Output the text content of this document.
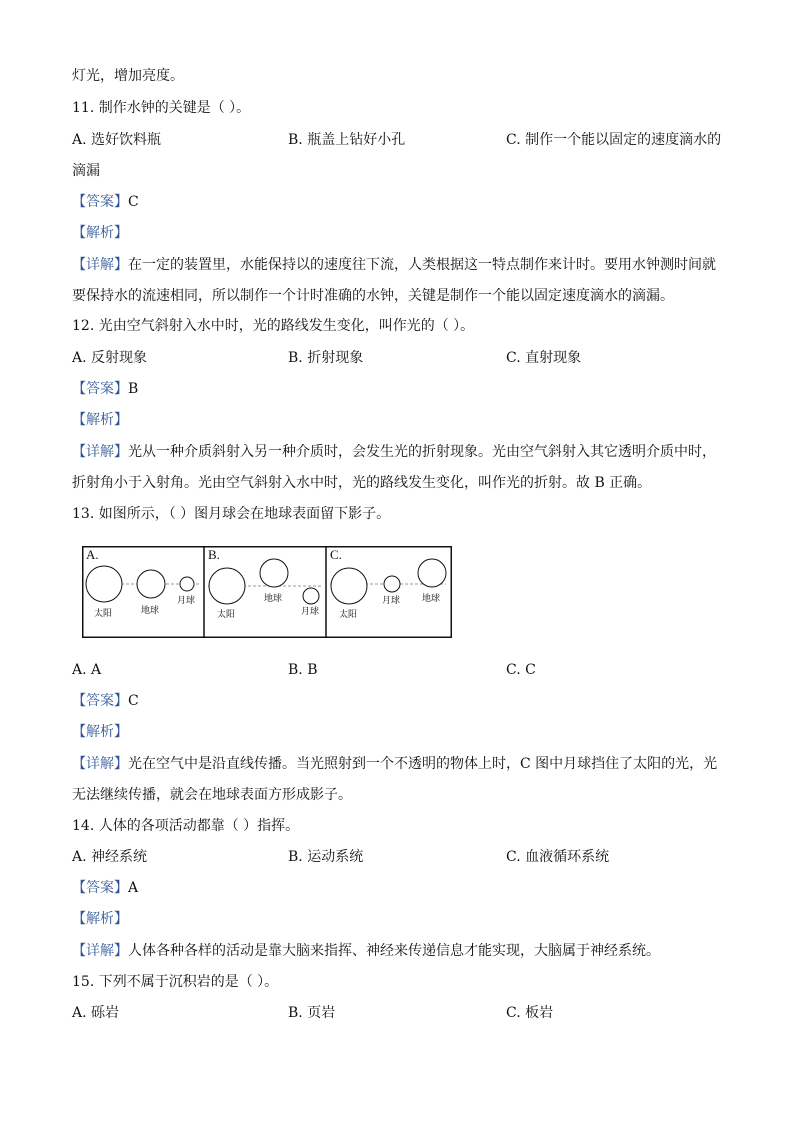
灯光，增加亮度。
11. 制作水钟的关键是（ ）。
A. 选好饮料瓶	B. 瓶盖上钻好小孔	C. 制作一个能以固定的速度滴水的
滴漏
【答案】C
【解析】
【详解】在一定的装置里，水能保持以的速度往下流，人类根据这一特点制作来计时。要用水钟测时间就
要保持水的流速相同，所以制作一个计时准确的水钟，关键是制作一个能以固定速度滴水的滴漏。
12. 光由空气斜射入水中时，光的路线发生变化，叫作光的（ ）。
A. 反射现象	B. 折射现象	C. 直射现象
【答案】B
【解析】
【详解】光从一种介质斜射入另一种介质时，会发生光的折射现象。光由空气斜射入其它透明介质中时，
折射角小于入射角。光由空气斜射入水中时，光的路线发生变化，叫作光的折射。故 B 正确。
13. 如图所示，（ ）图月球会在地球表面留下影子。
A.
太阳	地球
月球
B.
太阳
地球
月球
C.
太阳
月球 地球
A. A	B. B	C. C
【答案】C
【解析】
【详解】光在空气中是沿直线传播。当光照射到一个不透明的物体上时，C 图中月球挡住了太阳的光，光
无法继续传播，就会在地球表面方形成影子。
14. 人体的各项活动都靠（ ）指挥。
A. 神经系统	B. 运动系统	C. 血液循环系统
【答案】A
【解析】
【详解】人体各种各样的活动是靠大脑来指挥、神经来传递信息才能实现，大脑属于神经系统。
15. 下列不属于沉积岩的是（ ）。
A. 砾岩	B. 页岩	C. 板岩
